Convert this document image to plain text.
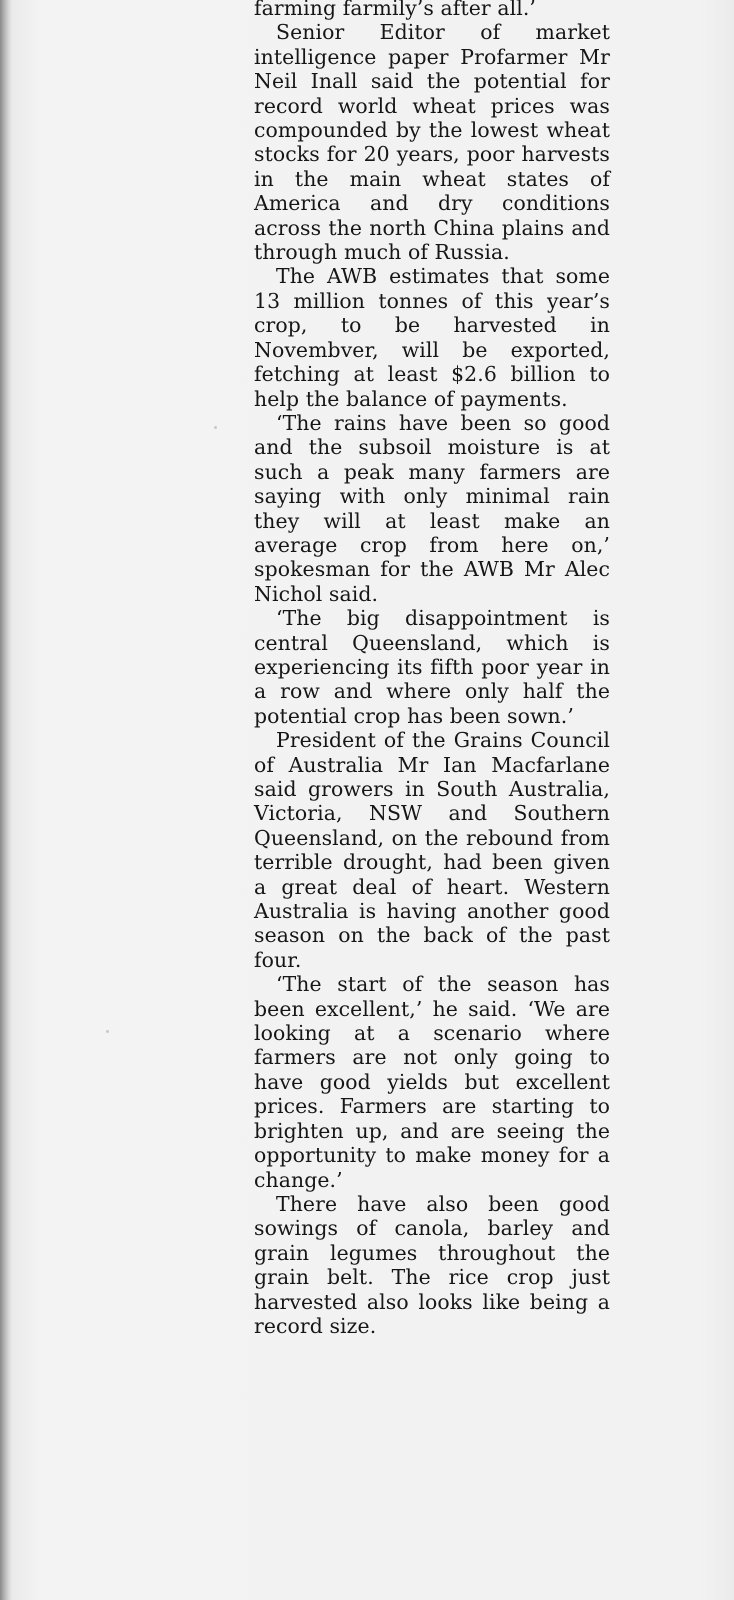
farming farmily’s after all.’

Senior Editor of market intelligence paper Profarmer Mr Neil Inall said the potential for record world wheat prices was compounded by the lowest wheat stocks for 20 years, poor harvests in the main wheat states of America and dry conditions across the north China plains and through much of Russia.

The AWB estimates that some 13 million tonnes of this year’s crop, to be harvested in Novembver, will be exported, fetching at least $2.6 billion to help the balance of payments.

‘The rains have been so good and the subsoil moisture is at such a peak many farmers are saying with only minimal rain they will at least make an average crop from here on,’ spokesman for the AWB Mr Alec Nichol said.

‘The big disappointment is central Queensland, which is experiencing its fifth poor year in a row and where only half the potential crop has been sown.’

President of the Grains Council of Australia Mr Ian Macfarlane said growers in South Australia, Victoria, NSW and Southern Queensland, on the rebound from terrible drought, had been given a great deal of heart. Western Australia is having another good season on the back of the past four.

‘The start of the season has been excellent,’ he said. ‘We are looking at a scenario where farmers are not only going to have good yields but excellent prices. Farmers are starting to brighten up, and are seeing the opportunity to make money for a change.’

There have also been good sowings of canola, barley and grain legumes throughout the grain belt. The rice crop just harvested also looks like being a record size.
